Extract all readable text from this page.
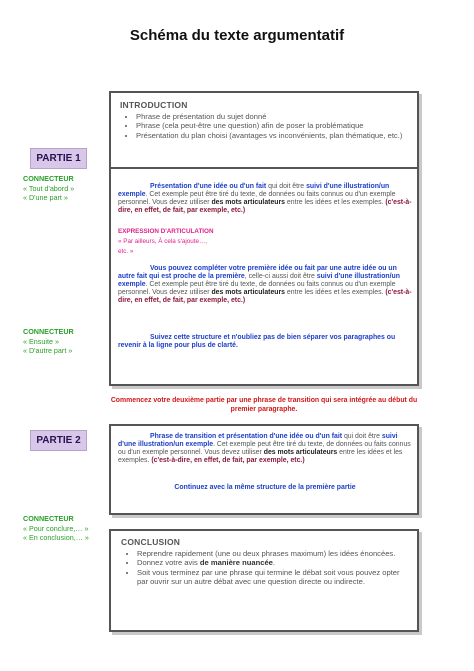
Schéma du texte argumentatif
INTRODUCTION
• Phrase de présentation du sujet donné
• Phrase (cela peut-être une question) afin de poser la problématique
• Présentation du plan choisi (avantages vs inconvénients, plan thématique, etc.)
PARTIE 1
CONNECTEUR
« Tout d'abord »
« D'une part »
CONNECTEUR
« Ensuite »
« D'autre part »
Présentation d'une idée ou d'un fait qui doit être suivi d'une illustration/un exemple. Cet exemple peut être tiré du texte, de données ou faits connus ou d'un exemple personnel. Vous devez utiliser des mots articulateurs entre les idées et les exemples. (c'est-à-dire, en effet, de fait, par exemple, etc.)
EXPRESSION D'ARTICULATION
« Par ailleurs, À cela s'ajoute…,
etc. »
Vous pouvez compléter votre première idée ou fait par une autre idée ou un autre fait qui est proche de la première, celle-ci aussi doit être suivi d'une illustration/un exemple. Cet exemple peut être tiré du texte, de données ou faits connus ou d'un exemple personnel. Vous devez utiliser des mots articulateurs entre les idées et les exemples. (c'est-à-dire, en effet, de fait, par exemple, etc.)
Suivez cette structure et n'oubliez pas de bien séparer vos paragraphes ou revenir à la ligne pour plus de clarté.
Commencez votre deuxième partie par une phrase de transition qui sera intégrée au début du premier paragraphe.
PARTIE 2	Phrase de transition et présentation d'une idée ou d'un fait qui doit être suivi d'une illustration/un exemple. Cet exemple peut être tiré du texte, de données ou faits connus ou d'un exemple personnel. Vous devez utiliser des mots articulateurs entre les idées et les exemples. (c'est-à-dire, en effet, de fait, par exemple, etc.)
Continuez avec la même structure de la première partie
CONNECTEUR
« Pour conclure,… »
« En conclusion,… »	CONCLUSION
• Reprendre rapidement (une ou deux phrases maximum) les idées énoncées.
• Donnez votre avis de manière nuancée.
• Soit vous terminez par une phrase qui termine le débat soit vous pouvez opter par ouvrir sur un autre débat avec une question directe ou indirecte.
